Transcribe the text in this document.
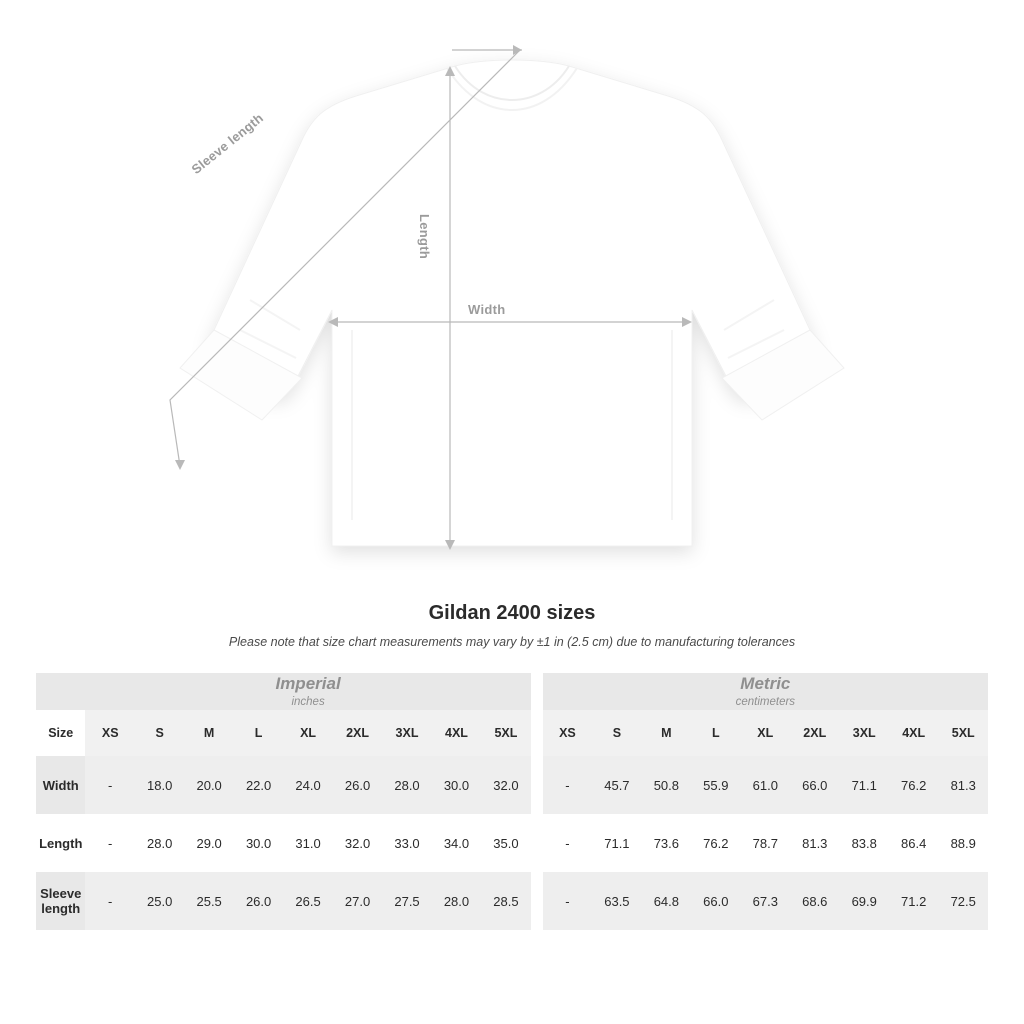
Width
Length
Sleeve length
Gildan 2400 sizes

Please note that size chart measurements may vary by ±1 in (2.5 cm) due to manufacturing tolerances

	Imperial
inches										Metric
centimeters								

Size	XS	S	M	L	XL	2XL	3XL	4XL	5XL		XS	S	M	L	XL	2XL	3XL	4XL	5XL
Width	-	18.0	20.0	22.0	24.0	26.0	28.0	30.0	32.0		-	45.7	50.8	55.9	61.0	66.0	71.1	76.2	81.3
Length	-	28.0	29.0	30.0	31.0	32.0	33.0	34.0	35.0		-	71.1	73.6	76.2	78.7	81.3	83.8	86.4	88.9
Sleeve length	-	25.0	25.5	26.0	26.5	27.0	27.5	28.0	28.5		-	63.5	64.8	66.0	67.3	68.6	69.9	71.2	72.5
